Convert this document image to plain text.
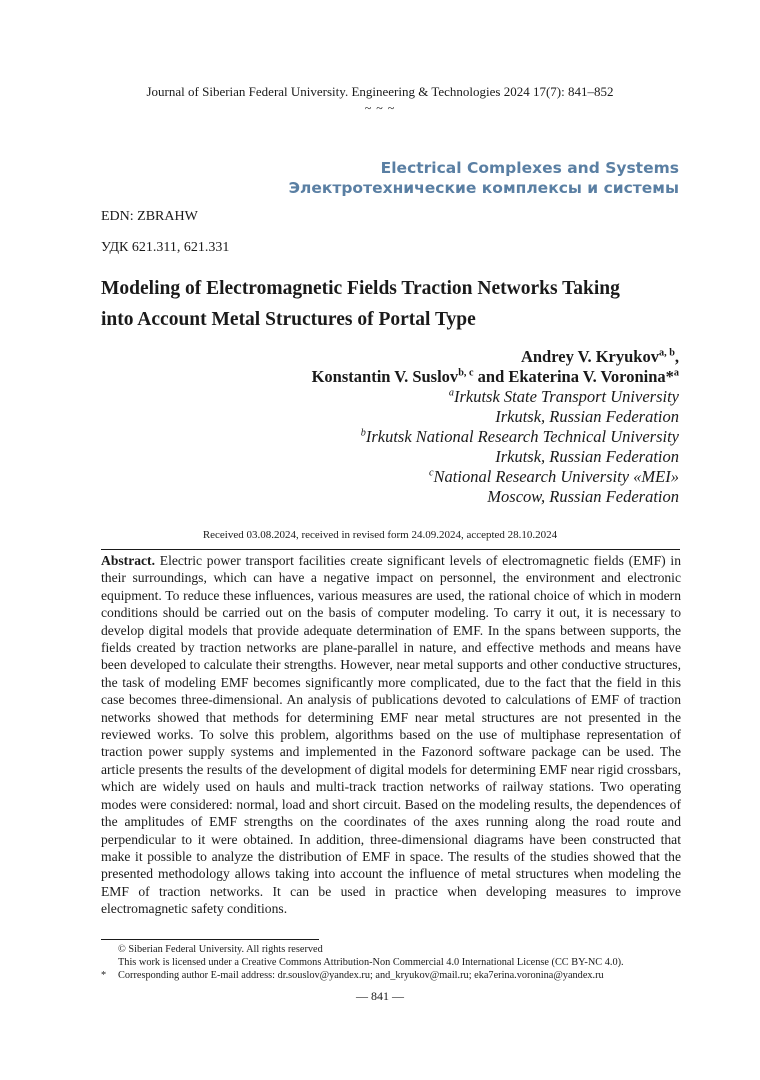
Journal of Siberian Federal University. Engineering & Technologies 2024 17(7): 841–852
~ ~ ~
Electrical Complexes and Systems
Электротехнические комплексы и системы
EDN: ZBRAHW
УДК 621.311, 621.331
Modeling of Electromagnetic Fields Traction Networks Taking
into Account Metal Structures of Portal Type
Andrey V. Kryukov$^{a, b}$,
Konstantin V. Suslov$^{b, c}$ and Ekaterina V. Voronina*$^a$
$^a$Irkutsk State Transport University
Irkutsk, Russian Federation
$^b$Irkutsk National Research Technical University
Irkutsk, Russian Federation
$^c$National Research University «MEI»
Moscow, Russian Federation
Received 03.08.2024, received in revised form 24.09.2024, accepted 28.10.2024
Abstract. Electric power transport facilities create significant levels of electromagnetic fields (EMF) in their surroundings, which can have a negative impact on personnel, the environment and electronic equipment. To reduce these influences, various measures are used, the rational choice of which in modern conditions should be carried out on the basis of computer modeling. To carry it out, it is necessary to develop digital models that provide adequate determination of EMF. In the spans between supports, the fields created by traction networks are plane-parallel in nature, and effective methods and means have been developed to calculate their strengths. However, near metal supports and other conductive structures, the task of modeling EMF becomes significantly more complicated, due to the fact that the field in this case becomes three-dimensional. An analysis of publications devoted to calculations of EMF of traction networks showed that methods for determining EMF near metal structures are not presented in the reviewed works. To solve this problem, algorithms based on the use of multiphase representation of traction power supply systems and implemented in the Fazonord software package can be used. The article presents the results of the development of digital models for determining EMF near rigid crossbars, which are widely used on hauls and multi-track traction networks of railway stations. Two operating modes were considered: normal, load and short circuit. Based on the modeling results, the dependences of the amplitudes of EMF strengths on the coordinates of the axes running along the road route and perpendicular to it were obtained. In addition, three-dimensional diagrams have been constructed that make it possible to analyze the distribution of EMF in space. The results of the studies showed that the presented methodology allows taking into account the influence of metal structures when modeling the EMF of traction networks. It can be used in practice when developing measures to improve electromagnetic safety conditions.
© Siberian Federal University. All rights reserved
This work is licensed under a Creative Commons Attribution-Non Commercial 4.0 International License (CC BY-NC 4.0).
* Corresponding author E-mail address: dr.souslov@yandex.ru; and_kryukov@mail.ru; eka7erina.voronina@yandex.ru
— 841 —
